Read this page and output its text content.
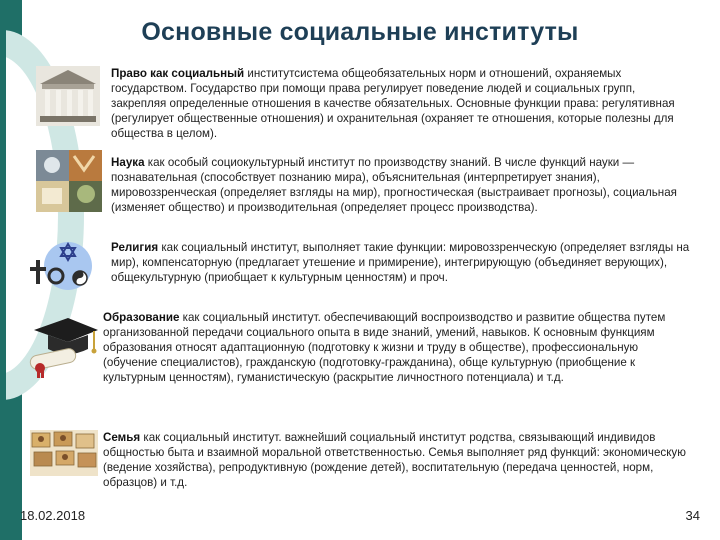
Основные социальные институты
Право как социальный институтсистема общеобязательных норм и отношений, охраняемых государством. Государство при помощи права регулирует поведение людей и социальных групп, закрепляя определенные отношения в качестве обязательных. Основные функции права: регулятивная (регулирует общественные отношения) и охранительная (охраняет те отношения, которые полезны для общества в целом).
Наука как особый социокультурный институт по производству знаний. В числе функций науки — познавательная (способствует познанию мира), объяснительная (интерпретирует знания), мировоззренческая (определяет взгляды на мир), прогностическая (выстраивает прогнозы), социальная (изменяет общество) и производительная (определяет процесс производства).
Религия как социальный институт, выполняет такие функции: мировоззренческую (определяет взгляды на мир), компенсаторную (предлагает утешение и примирение), интегрирующую (объединяет верующих), общекультурную (приобщает к культурным ценностям) и проч.
Образование как социальный институт. обеспечивающий воспроизводство и развитие общества путем организованной передачи социального опыта в виде знаний, умений, навыков. К основным функциям образования относят адаптационную (подготовку к жизни и труду в обществе), профессиональную (обучение специалистов), гражданскую (подготовку-гражданина), обще культурную (приобщение к культурным ценностям), гуманистическую (раскрытие личностного потенциала) и т.д.
Семья как социальный институт. важнейший социальный институт родства, связывающий индивидов общностью быта и взаимной моральной ответственностью. Семья выполняет ряд функций: экономическую (ведение хозяйства), репродуктивную (рождение детей), воспитательную (передача ценностей, норм, образцов) и т.д.
18.02.2018	34
